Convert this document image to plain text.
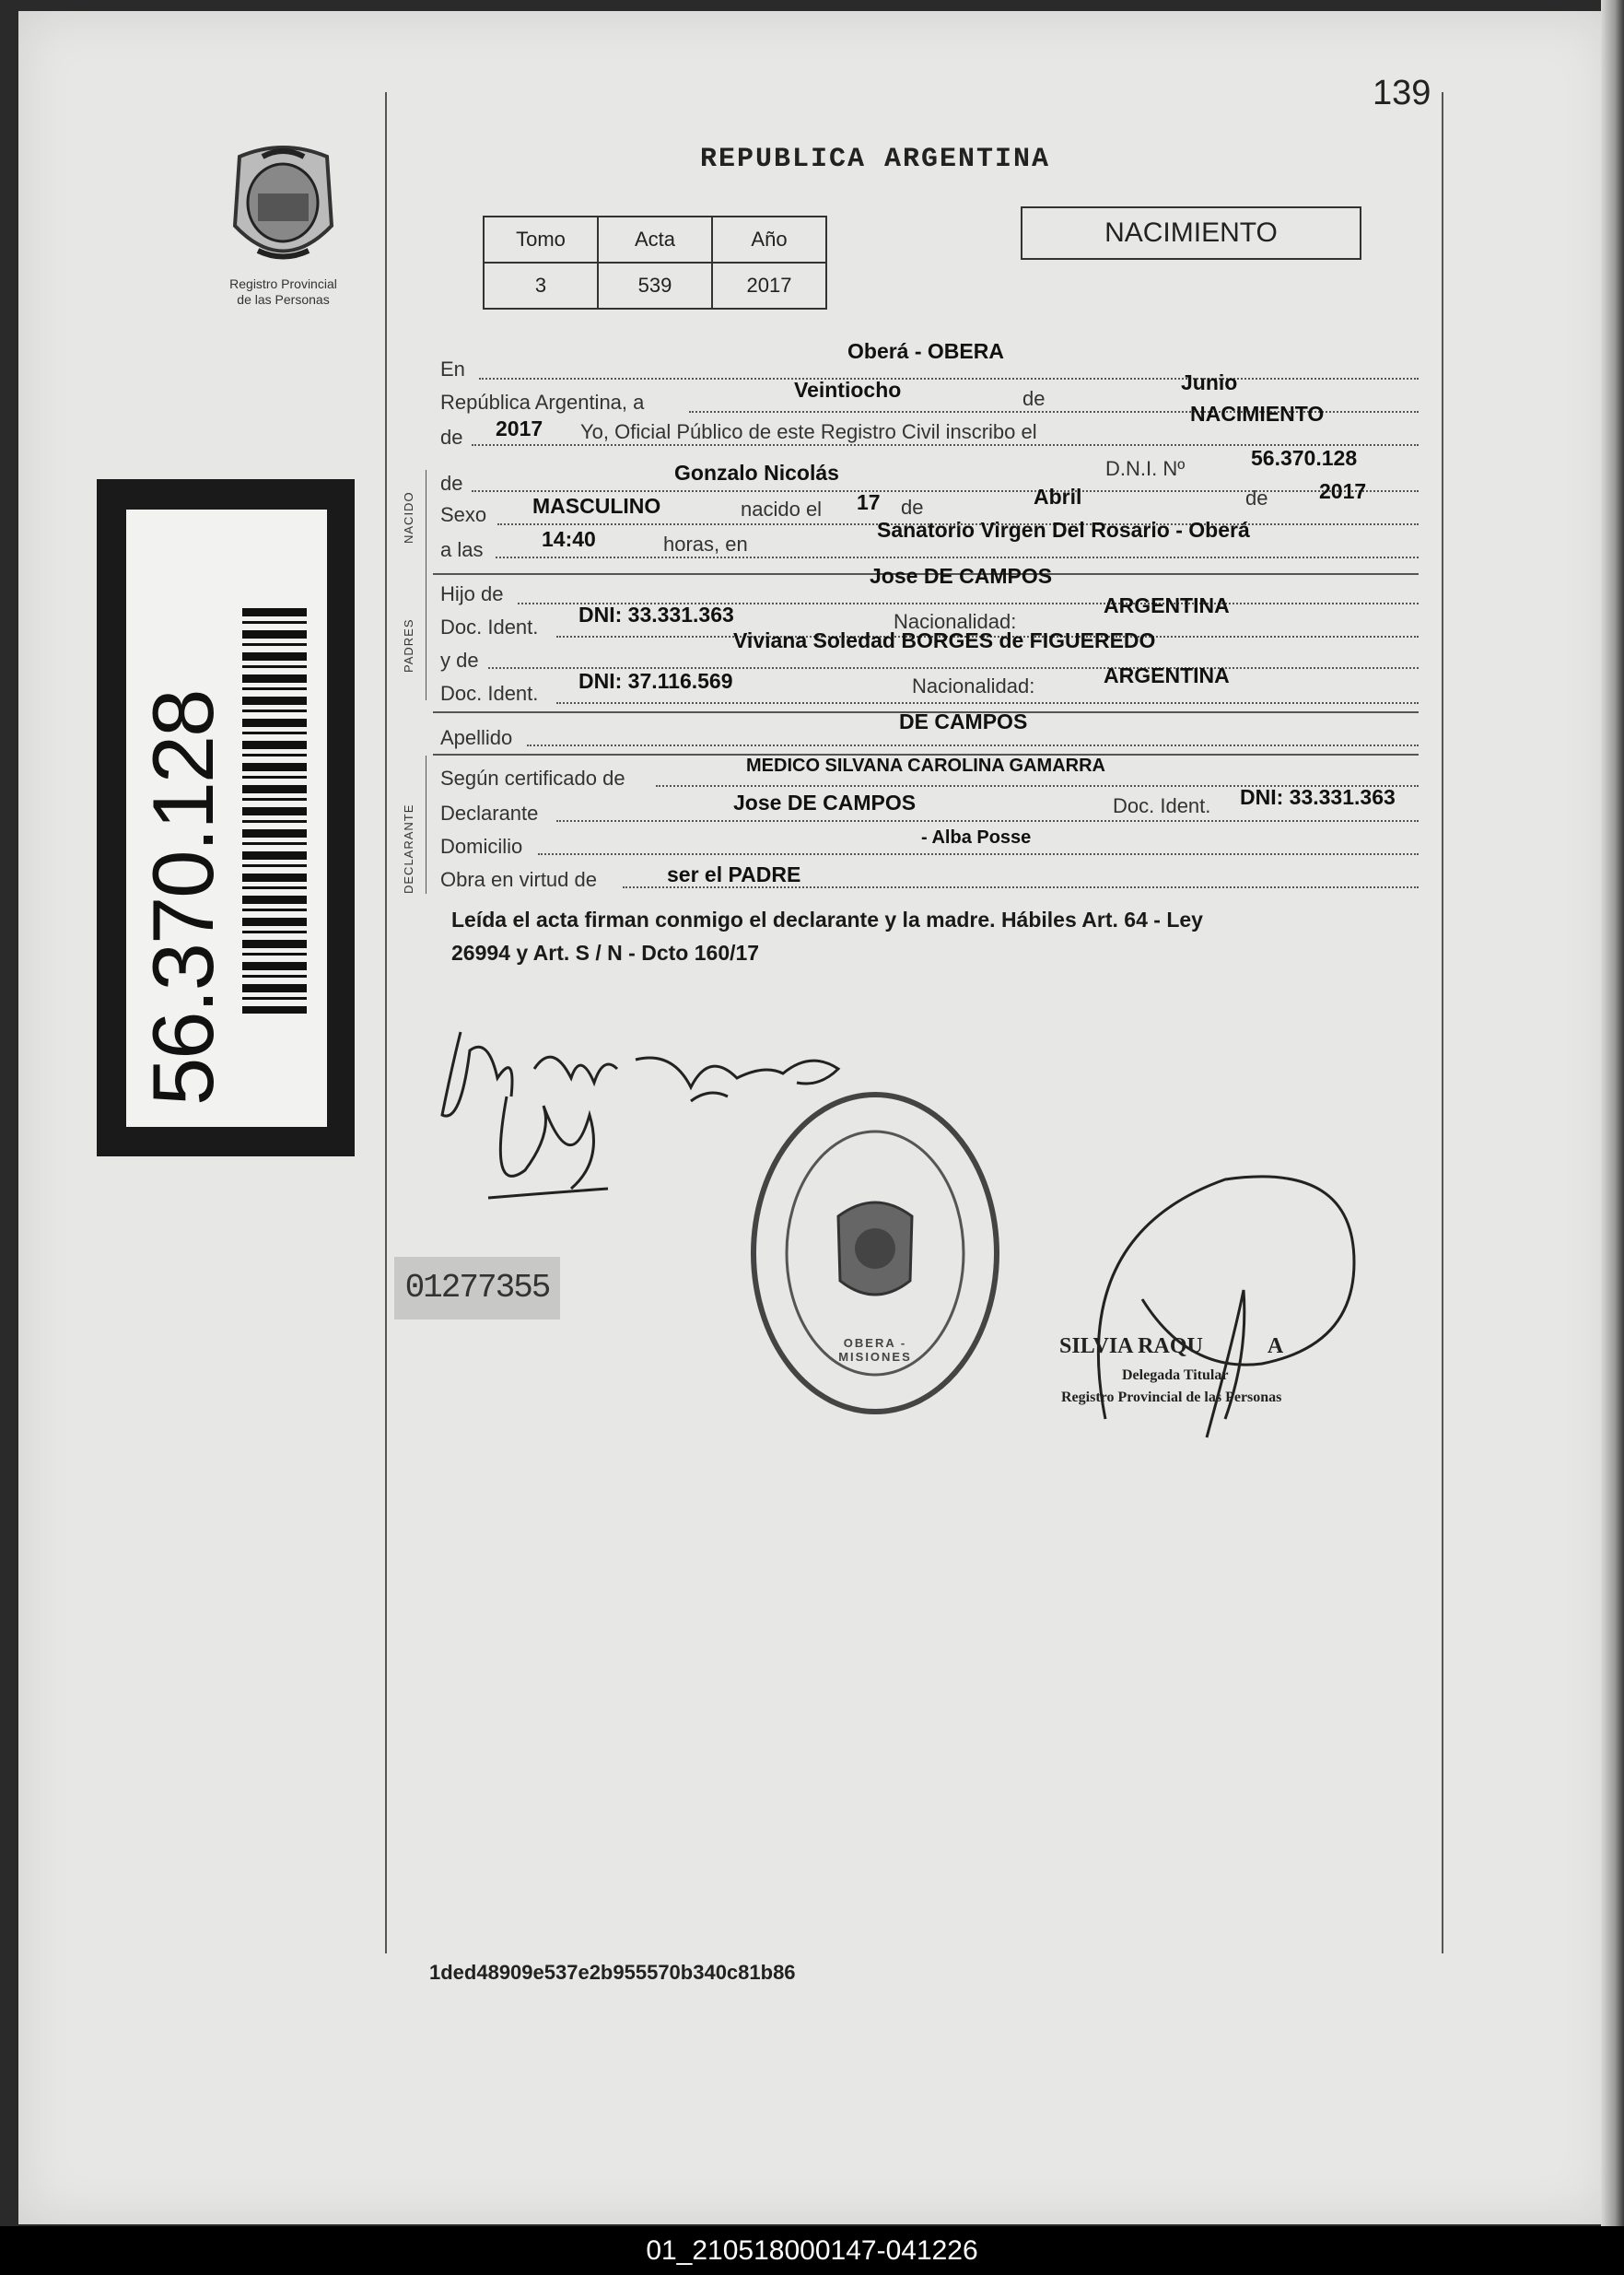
139
Registro Provincial
de las Personas
56.370.128
REPUBLICA ARGENTINA
Tomo	Acta	Año
3	539	2017
NACIMIENTO
NACIDO
PADRES
DECLARANTE
En
Oberá - OBERA
República Argentina, a
Veintiocho	de
Junio
de 2017 Yo, Oficial Público de este Registro Civil inscribo el
NACIMIENTO
de	Gonzalo Nicolás	D.N.I. Nº	56.370.128
Sexo MASCULINO	nacido el 17 de	Abril	de 2017
a las	14:40	horas, en
Sanatorio Virgen Del Rosario - Oberá
Hijo de
Jose DE CAMPOS
Doc. Ident.
DNI: 33.331.363	Nacionalidad:
ARGENTINA
y de
Viviana Soledad BORGES de FIGUEREDO
Doc. Ident.
DNI: 37.116.569	Nacionalidad:	ARGENTINA
Apellido
DE CAMPOS
Según certificado de
MEDICO SILVANA CAROLINA GAMARRA
Declarante	Jose DE CAMPOS	Doc. Ident. DNI: 33.331.363
Domicilio	- Alba Posse
Obra en virtud de	ser el PADRE
Leída el acta firman conmigo el declarante y la madre. Hábiles Art. 64 - Ley
26994 y Art. S / N - Dcto 160/17
01277355
OBERA - MISIONES	SILVIA RAQU	A
Delegada Titular
Registro Provincial de las Personas
1ded48909e537e2b955570b340c81b86
01_210518000147-041226
